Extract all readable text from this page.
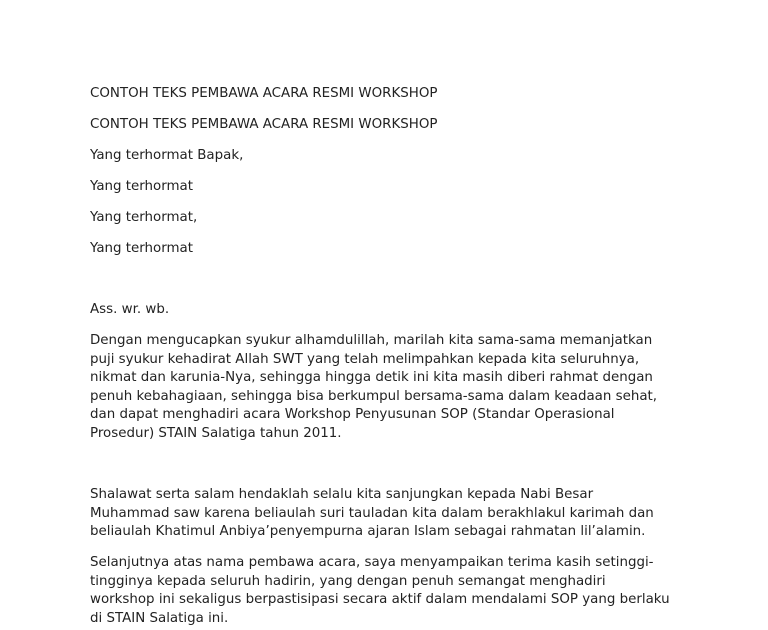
CONTOH TEKS PEMBAWA ACARA RESMI WORKSHOP

CONTOH TEKS PEMBAWA ACARA RESMI WORKSHOP

Yang terhormat Bapak,

Yang terhormat

Yang terhormat,

Yang terhormat

Ass. wr. wb.

Dengan mengucapkan syukur alhamdulillah, marilah kita sama-sama memanjatkan
puji syukur kehadirat Allah SWT yang telah melimpahkan kepada kita seluruhnya,
nikmat dan karunia-Nya, sehingga hingga detik ini kita masih diberi rahmat dengan
penuh kebahagiaan, sehingga bisa berkumpul bersama-sama dalam keadaan sehat,
dan dapat menghadiri acara Workshop Penyusunan SOP (Standar Operasional
Prosedur) STAIN Salatiga tahun 2011.
Shalawat serta salam hendaklah selalu kita sanjungkan kepada Nabi Besar
Muhammad saw karena beliaulah suri tauladan kita dalam berakhlakul karimah dan
beliaulah Khatimul Anbiya’penyempurna ajaran Islam sebagai rahmatan lil’alamin.
Selanjutnya atas nama pembawa acara, saya menyampaikan terima kasih setinggi-
tingginya kepada seluruh hadirin, yang dengan penuh semangat menghadiri
workshop ini sekaligus berpastisipasi secara aktif dalam mendalami SOP yang berlaku
di STAIN Salatiga ini.
